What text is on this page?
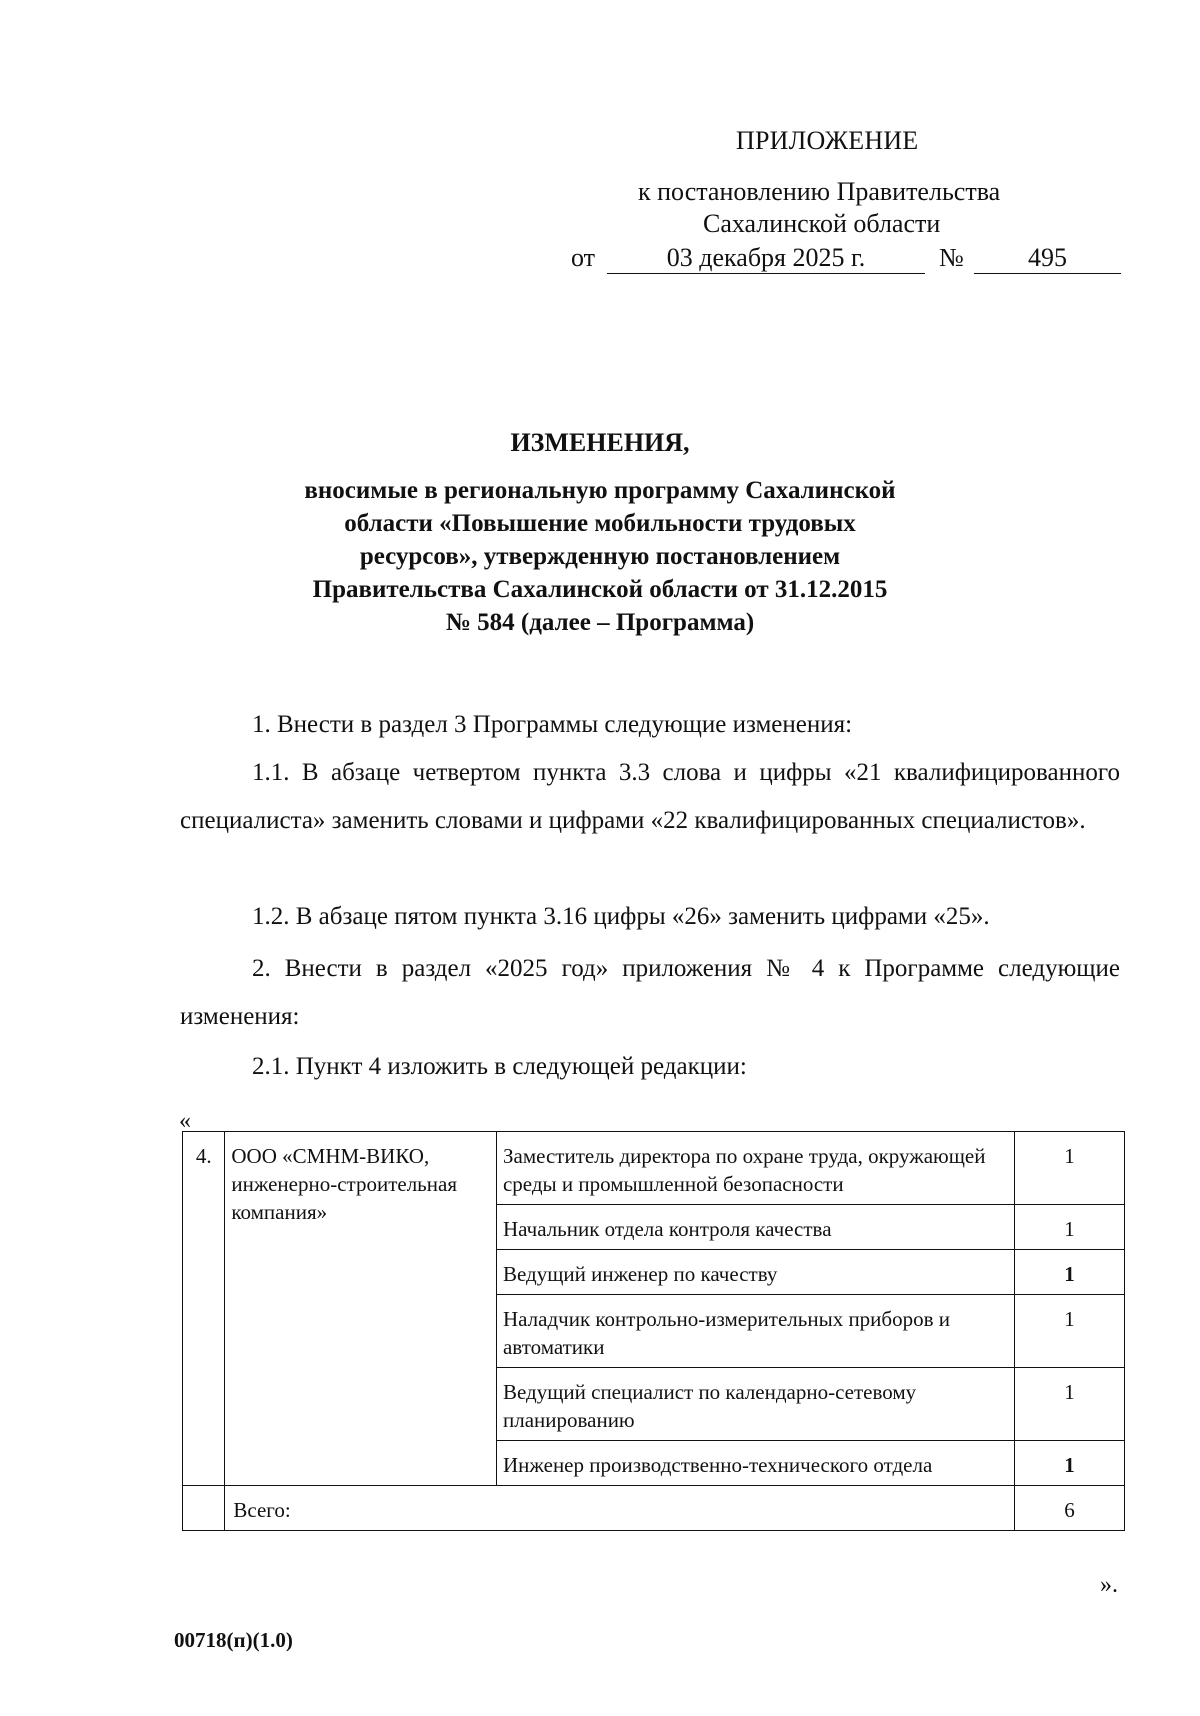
ПРИЛОЖЕНИЕ
к постановлению Правительства
Сахалинской области
от	03 декабря 2025 г.	№	495
ИЗМЕНЕНИЯ,
вносимые в региональную программу Сахалинской
области «Повышение мобильности трудовых
ресурсов», утвержденную постановлением
Правительства Сахалинской области от 31.12.2015
№ 584 (далее – Программа)
1. Внести в раздел 3 Программы следующие изменения:
1.1. В абзаце четвертом пункта 3.3 слова и цифры «21 квалифицированного специалиста» заменить словами и цифрами «22 квалифицированных специалистов».
1.2. В абзаце пятом пункта 3.16 цифры «26» заменить цифрами «25».
2. Внести в раздел «2025 год» приложения № 4 к Программе следующие изменения:
2.1. Пункт 4 изложить в следующей редакции:
«
4.	ООО «СМНМ-ВИКО, инженерно-строительная компания»	Заместитель директора по охране труда, окружающей среды и промышленной безопасности	1
		Начальник отдела контроля качества	1
		Ведущий инженер по качеству	1
		Наладчик контрольно-измерительных приборов и автоматики	1
		Ведущий специалист по календарно-сетевому планированию	1
		Инженер производственно-технического отдела	1
	Всего:		6
».
00718(п)(1.0)
